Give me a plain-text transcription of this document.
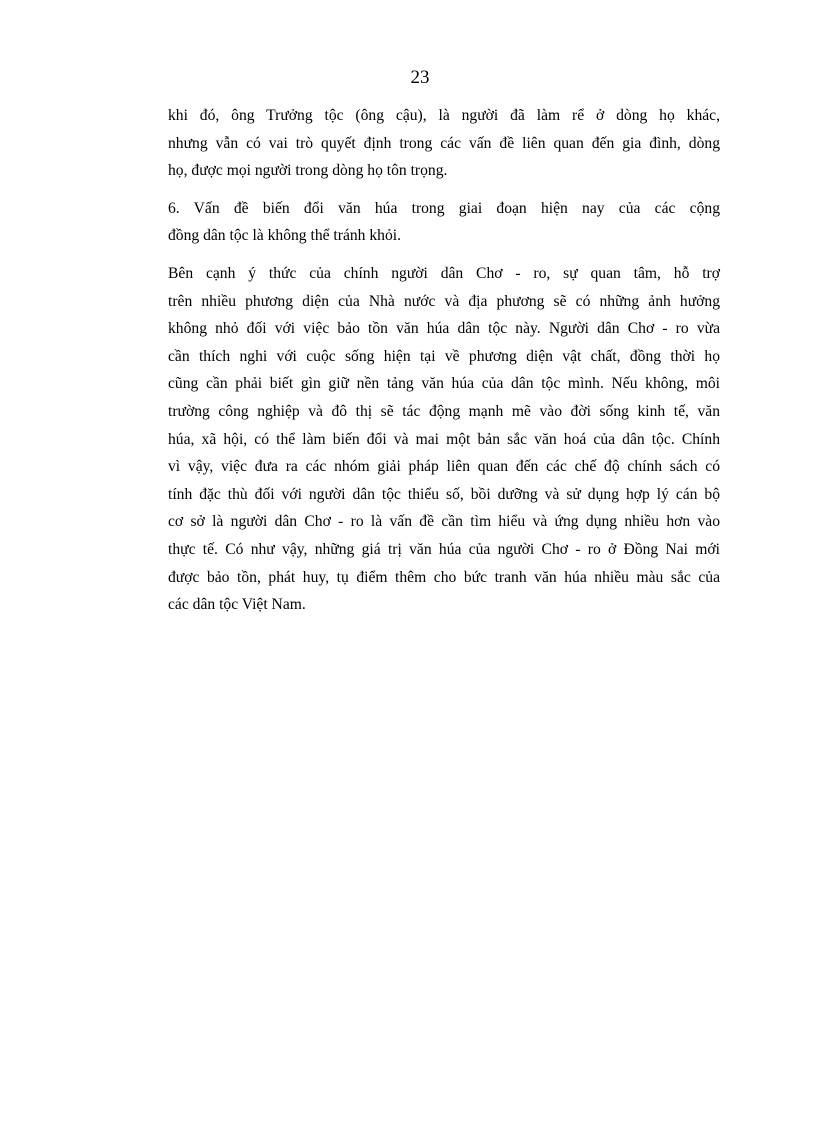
23

khi đó, ông Trưởng tộc (ông cậu), là người đã làm rể ở dòng họ khác,
nhưng vẫn có vai trò quyết định trong các vấn đề liên quan đến gia đình, dòng
họ, được mọi người trong dòng họ tôn trọng.

6. Vấn đề biến đổi văn húa trong giai đoạn hiện nay của các cộng
đồng dân tộc là không thể tránh khỏi.

Bên cạnh ý thức của chính người dân Chơ - ro, sự quan tâm, hỗ trợ
trên nhiều phương diện của Nhà nước và địa phương sẽ có những ảnh hưởng
không nhỏ đối với việc bảo tồn văn húa dân tộc này. Người dân Chơ - ro vừa
cần thích nghi với cuộc sống hiện tại về phương diện vật chất, đồng thời họ
cũng cần phải biết gìn giữ nền tảng văn húa của dân tộc mình. Nếu không, môi
trường công nghiệp và đô thị sẽ tác động mạnh mẽ vào đời sống kinh tế, văn
húa, xã hội, có thể làm biến đổi và mai một bản sắc văn hoá của dân tộc. Chính
vì vậy, việc đưa ra các nhóm giải pháp liên quan đến các chế độ chính sách có
tính đặc thù đối với người dân tộc thiểu số, bồi dưỡng và sử dụng hợp lý cán bộ
cơ sở là người dân Chơ - ro là vấn đề cần tìm hiểu và ứng dụng nhiều hơn vào
thực tế. Có như vậy, những giá trị văn húa của người Chơ - ro ở Đồng Nai mới
được bảo tồn, phát huy, tụ điểm thêm cho bức tranh văn húa nhiều màu sắc của
các dân tộc Việt Nam.
